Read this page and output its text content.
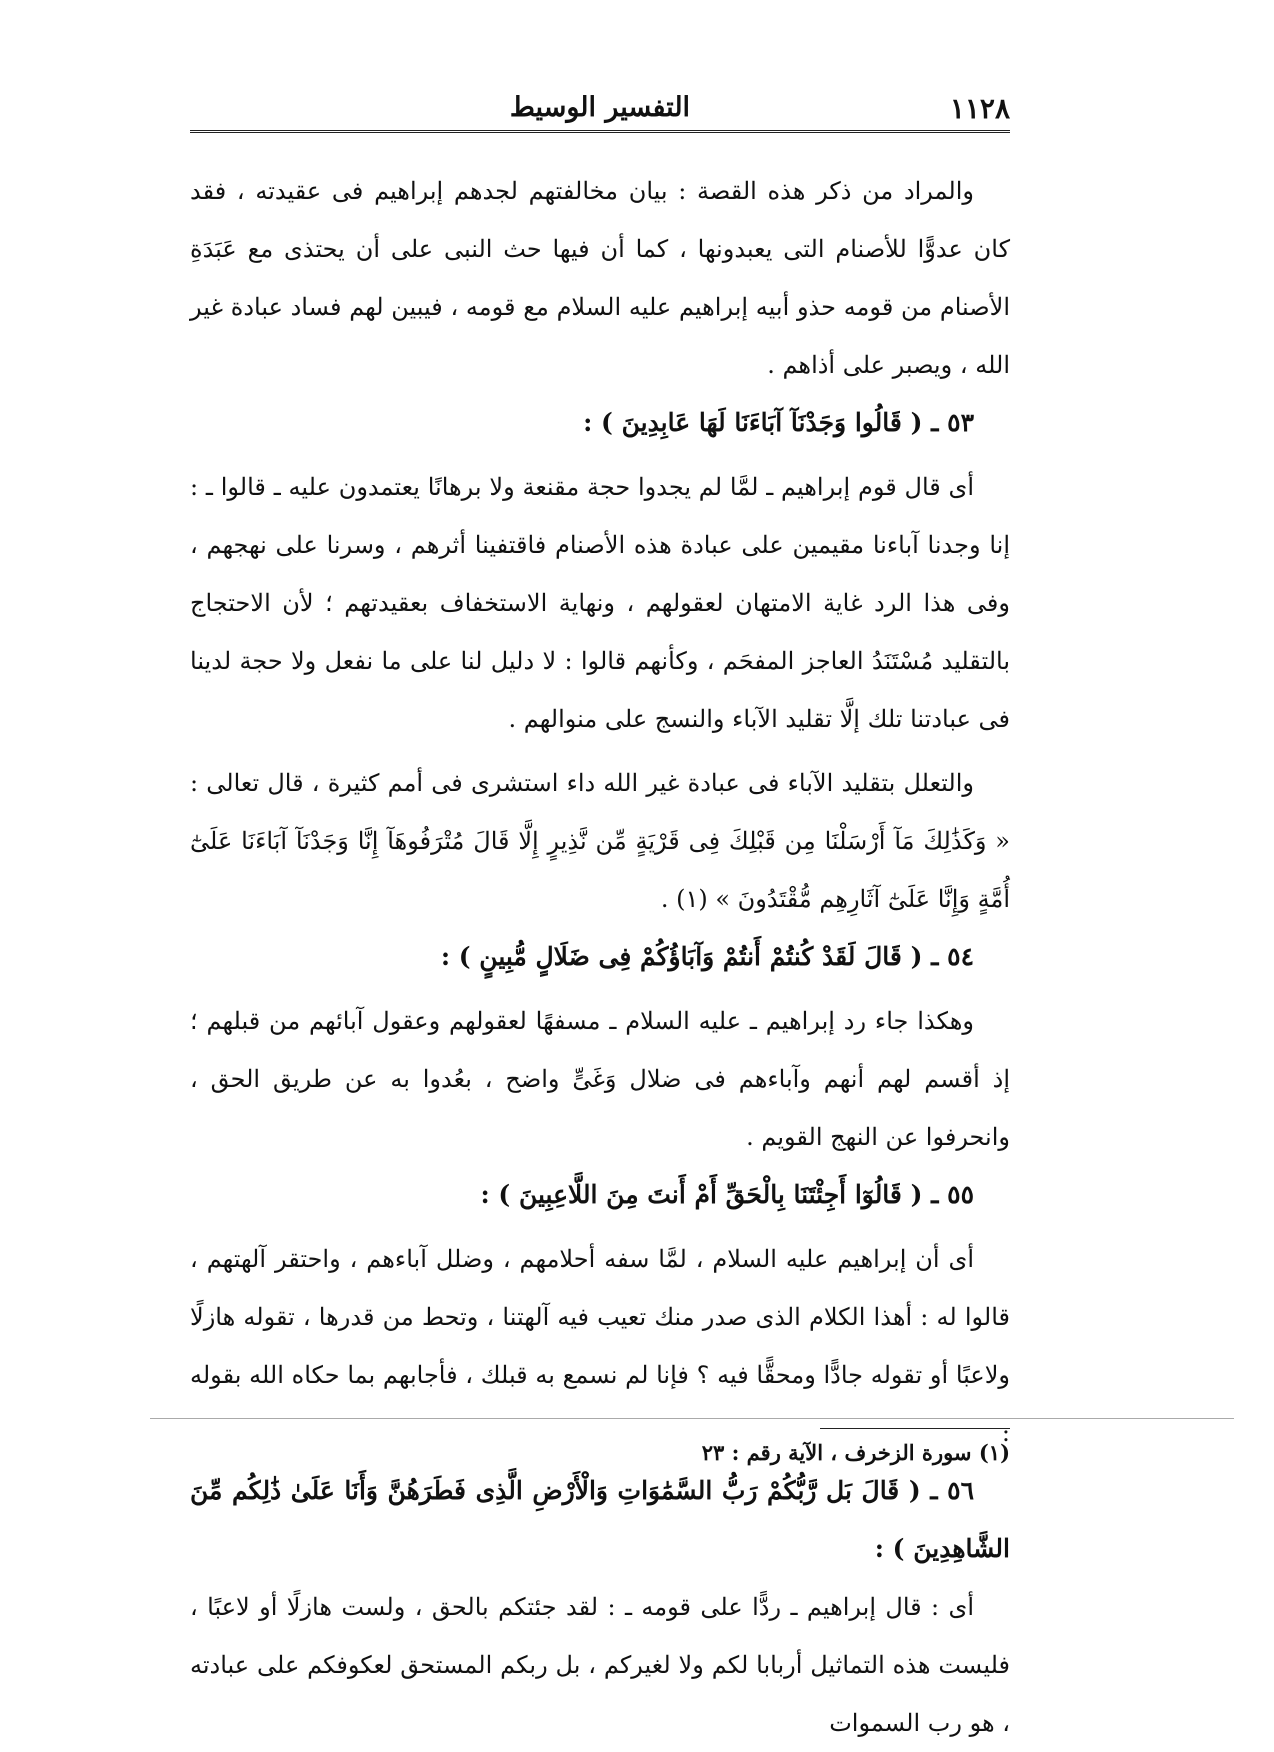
١١٢٨
التفسير الوسيط

والمراد من ذكر هذه القصة : بيان مخالفتهم لجدهم إبراهيم فى عقيدته ، فقد كان عدوًّا للأصنام التى يعبدونها ، كما أن فيها حث النبى على أن يحتذى مع عَبَدَةِ الأصنام من قومه حذو أبيه إبراهيم عليه السلام مع قومه ، فيبين لهم فساد عبادة غير الله ، ويصبر على أذاهم .

٥٣ ـ ( قَالُوا وَجَدْنَآ آبَاءَنَا لَهَا عَابِدِينَ ) :

أى قال قوم إبراهيم ـ لمَّا لم يجدوا حجة مقنعة ولا برهانًا يعتمدون عليه ـ قالوا ـ : إنا وجدنا آباءنا مقيمين على عبادة هذه الأصنام فاقتفينا أثرهم ، وسرنا على نهجهم ، وفى هذا الرد غاية الامتهان لعقولهم ، ونهاية الاستخفاف بعقيدتهم ؛ لأن الاحتجاج بالتقليد مُسْتَنَدُ العاجز المفحَم ، وكأنهم قالوا : لا دليل لنا على ما نفعل ولا حجة لدينا فى عبادتنا تلك إلَّا تقليد الآباء والنسج على منوالهم .

والتعلل بتقليد الآباء فى عبادة غير الله داء استشرى فى أمم كثيرة ، قال تعالى : « وَكَذَٰلِكَ مَآ أَرْسَلْنَا مِن قَبْلِكَ فِى قَرْيَةٍ مِّن نَّذِيرٍ إِلَّا قَالَ مُتْرَفُوهَآ إِنَّا وَجَدْنَآ آبَاءَنَا عَلَىٰٓ أُمَّةٍ وَإِنَّا عَلَىٰٓ آثَارِهِم مُّقْتَدُونَ » (١) .

٥٤ ـ ( قَالَ لَقَدْ كُنتُمْ أَنتُمْ وَآبَاؤُكُمْ فِى ضَلَالٍ مُّبِينٍ ) :

وهكذا جاء رد إبراهيم ـ عليه السلام ـ مسفهًا لعقولهم وعقول آبائهم من قبلهم ؛ إذ أقسم لهم أنهم وآباءهم فى ضلال وَغَىٍّ واضح ، بعُدوا به عن طريق الحق ، وانحرفوا عن النهج القويم .

٥٥ ـ ( قَالُوٓا أَجِئْتَنَا بِالْحَقِّ أَمْ أَنتَ مِنَ اللَّاعِبِينَ ) :

أى أن إبراهيم عليه السلام ، لمَّا سفه أحلامهم ، وضلل آباءهم ، واحتقر آلهتهم ، قالوا له : أهذا الكلام الذى صدر منك تعيب فيه آلهتنا ، وتحط من قدرها ، تقوله هازلًا ولاعبًا أو تقوله جادًّا ومحقًّا فيه ؟ فإنا لم نسمع به قبلك ، فأجابهم بما حكاه الله بقوله :

٥٦ ـ ( قَالَ بَل رَّبُّكُمْ رَبُّ السَّمَٰوَاتِ وَالْأَرْضِ الَّذِى فَطَرَهُنَّ وَأَنَا عَلَىٰ ذَٰلِكُم مِّنَ الشَّاهِدِينَ ) :

أى : قال إبراهيم ـ ردًّا على قومه ـ : لقد جئتكم بالحق ، ولست هازلًا أو لاعبًا ، فليست هذه التماثيل أربابا لكم ولا لغيركم ، بل ربكم المستحق لعكوفكم على عبادته ، هو رب السموات

(١) سورة الزخرف ، الآية رقم : ٢٣
